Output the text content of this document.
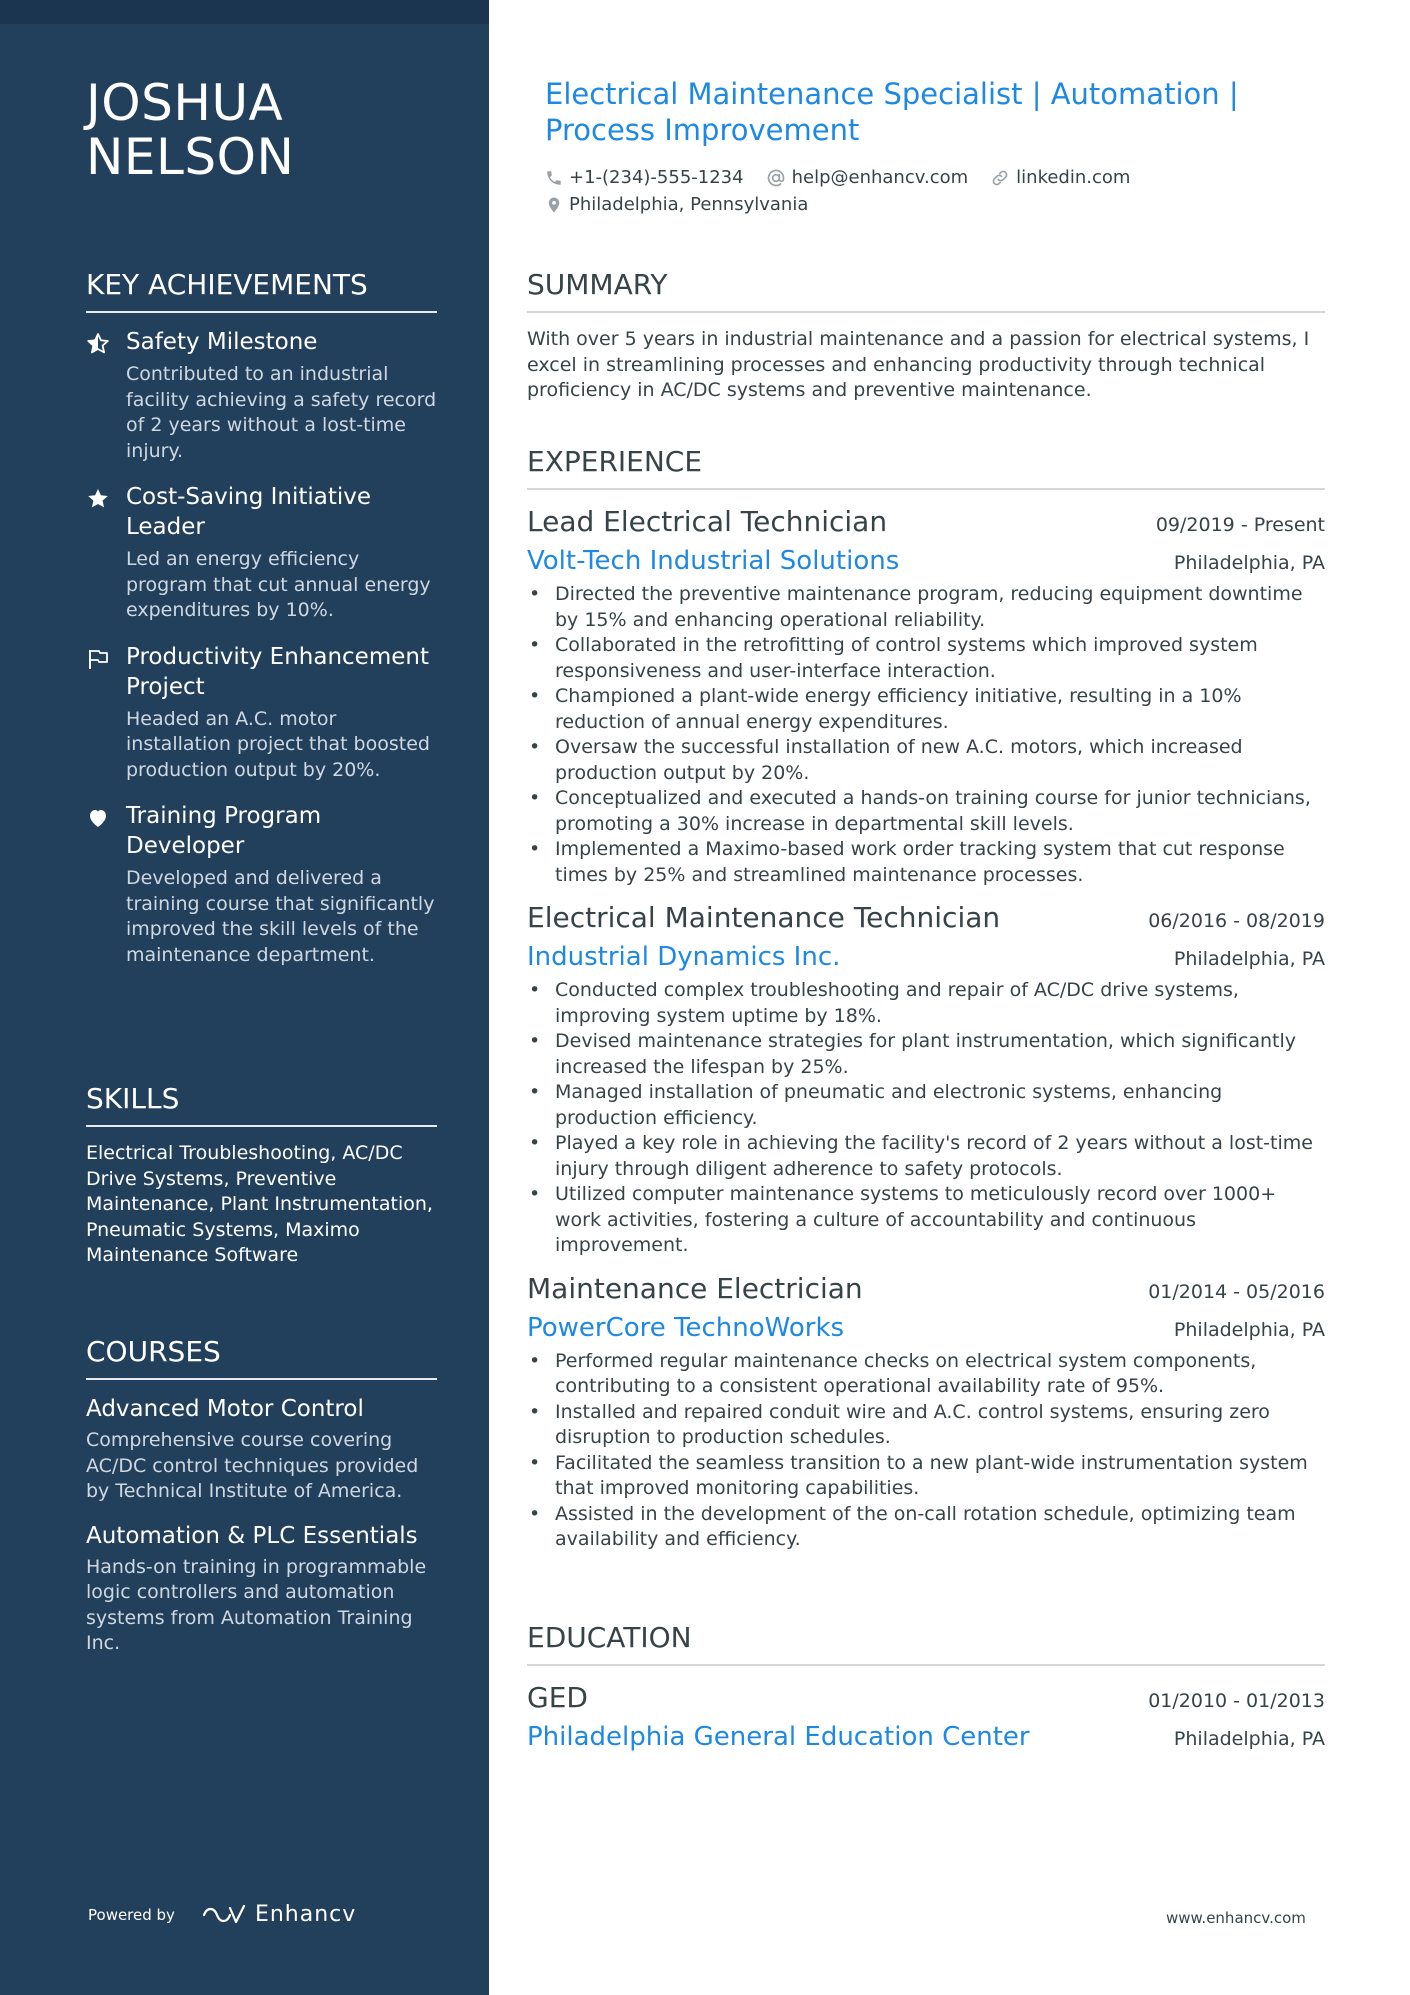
JOSHUA NELSON
KEY ACHIEVEMENTS
Safety Milestone
Contributed to an industrial facility achieving a safety record of 2 years without a lost-time injury.
Cost-Saving Initiative Leader
Led an energy efficiency program that cut annual energy expenditures by 10%.
Productivity Enhancement Project
Headed an A.C. motor installation project that boosted production output by 20%.
Training Program Developer
Developed and delivered a training course that significantly improved the skill levels of the maintenance department.
SKILLS
Electrical Troubleshooting, AC/DC Drive Systems, Preventive Maintenance, Plant Instrumentation, Pneumatic Systems, Maximo Maintenance Software
COURSES
Advanced Motor Control
Comprehensive course covering AC/DC control techniques provided by Technical Institute of America.
Automation & PLC Essentials
Hands-on training in programmable logic controllers and automation systems from Automation Training Inc.
Powered by	Enhancv
Electrical Maintenance Specialist | Automation | Process Improvement
+1-(234)-555-1234	help@enhancv.com	linkedin.com
Philadelphia, Pennsylvania
SUMMARY
With over 5 years in industrial maintenance and a passion for electrical systems, I excel in streamlining processes and enhancing productivity through technical proficiency in AC/DC systems and preventive maintenance.
EXPERIENCE
Lead Electrical Technician	09/2019 - Present
Volt-Tech Industrial Solutions	Philadelphia, PA
• Directed the preventive maintenance program, reducing equipment downtime by 15% and enhancing operational reliability.
• Collaborated in the retrofitting of control systems which improved system responsiveness and user-interface interaction.
• Championed a plant-wide energy efficiency initiative, resulting in a 10% reduction of annual energy expenditures.
• Oversaw the successful installation of new A.C. motors, which increased production output by 20%.
• Conceptualized and executed a hands-on training course for junior technicians, promoting a 30% increase in departmental skill levels.
• Implemented a Maximo-based work order tracking system that cut response times by 25% and streamlined maintenance processes.
Electrical Maintenance Technician	06/2016 - 08/2019
Industrial Dynamics Inc.	Philadelphia, PA
• Conducted complex troubleshooting and repair of AC/DC drive systems, improving system uptime by 18%.
• Devised maintenance strategies for plant instrumentation, which significantly increased the lifespan by 25%.
• Managed installation of pneumatic and electronic systems, enhancing production efficiency.
• Played a key role in achieving the facility's record of 2 years without a lost-time injury through diligent adherence to safety protocols.
• Utilized computer maintenance systems to meticulously record over 1000+ work activities, fostering a culture of accountability and continuous improvement.
Maintenance Electrician	01/2014 - 05/2016
PowerCore TechnoWorks	Philadelphia, PA
• Performed regular maintenance checks on electrical system components, contributing to a consistent operational availability rate of 95%.
• Installed and repaired conduit wire and A.C. control systems, ensuring zero disruption to production schedules.
• Facilitated the seamless transition to a new plant-wide instrumentation system that improved monitoring capabilities.
• Assisted in the development of the on-call rotation schedule, optimizing team availability and efficiency.
EDUCATION
GED	01/2010 - 01/2013
Philadelphia General Education Center	Philadelphia, PA
www.enhancv.com
